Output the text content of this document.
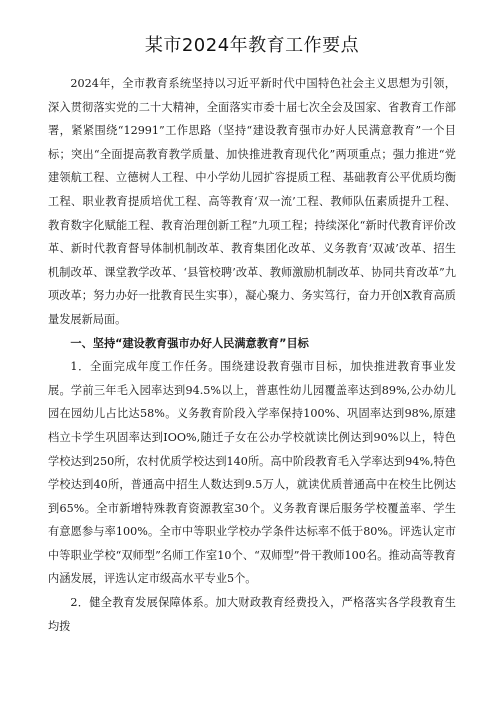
某市2024年教育工作要点

2024年，全市教育系统坚持以习近平新时代中国特色社会主义思想为引领，深入贯彻落实党的二十大精神，全面落实市委十届七次全会及国家、省教育工作部署，紧紧围绕“12991”工作思路（坚持“建设教育强市办好人民满意教育”一个目标；突出“全面提高教育教学质量、加快推进教育现代化”两项重点；强力推进“党建领航工程、立德树人工程、中小学幼儿园扩容提质工程、基础教育公平优质均衡工程、职业教育提质培优工程、高等教育‘双一流’工程、教师队伍素质提升工程、教育数字化赋能工程、教育治理创新工程”九项工程；持续深化“新时代教育评价改革、新时代教育督导体制机制改革、教育集团化改革、义务教育‘双减’改革、招生机制改革、课堂教学改革、‘县管校聘’改革、教师激励机制改革、协同共育改革”九项改革；努力办好一批教育民生实事），凝心聚力、务实笃行，奋力开创X教育高质量发展新局面。

一、坚持“建设教育强市办好人民满意教育”目标

1．全面完成年度工作任务。围绕建设教育强市目标，加快推进教育事业发展。学前三年毛入园率达到94.5%以上，普惠性幼儿园覆盖率达到89%,公办幼儿园在园幼儿占比达58%。义务教育阶段入学率保持100%、巩固率达到98%,原建档立卡学生巩固率达到IOO%,随迁子女在公办学校就读比例达到90%以上，特色学校达到250所，农村优质学校达到140所。高中阶段教育毛入学率达到94%,特色学校达到40所，普通高中招生人数达到9.5万人，就读优质普通高中在校生比例达到65%。全市新增特殊教育资源教室30个。义务教育课后服务学校覆盖率、学生有意愿参与率100%。全市中等职业学校办学条件达标率不低于80%。评选认定市中等职业学校“双师型”名师工作室10个、“双师型”骨干教师100名。推动高等教育内涵发展，评选认定市级高水平专业5个。

2．健全教育发展保障体系。加大财政教育经费投入，严格落实各学段教育生均拨
